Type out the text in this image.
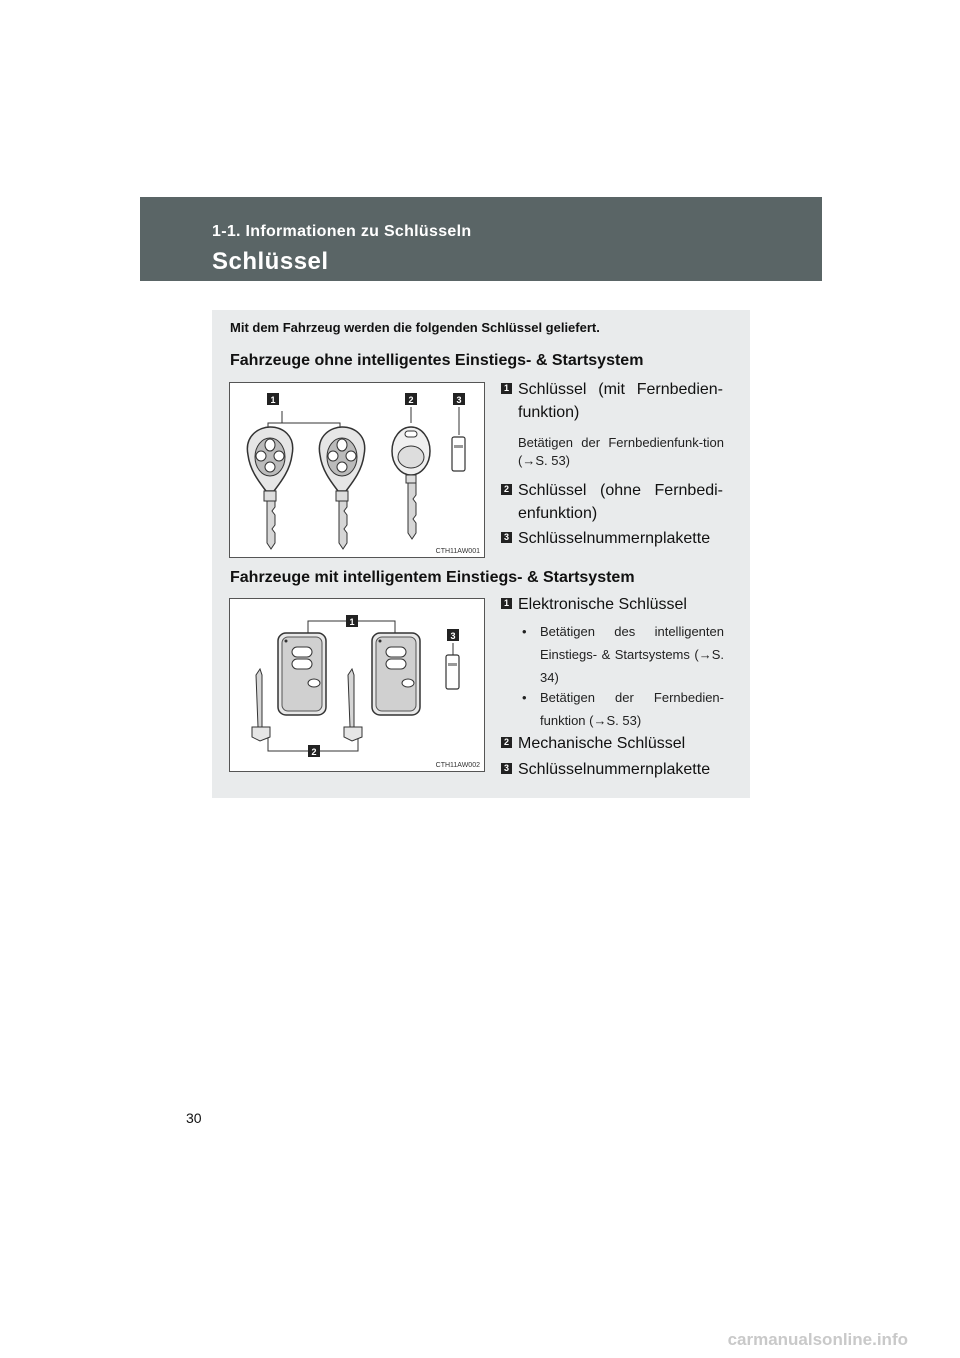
1-1. Informationen zu Schlüsseln
Schlüssel
Mit dem Fahrzeug werden die folgenden Schlüssel geliefert.
Fahrzeuge ohne intelligentes Einstiegs- & Startsystem
1	2	3
CTH11AW001
1 Schlüssel (mit Fernbedien-funktion)
Betätigen der Fernbedienfunk-tion (→S. 53)
2 Schlüssel (ohne Fernbedi-enfunktion)
3 Schlüsselnummernplakette
Fahrzeuge mit intelligentem Einstiegs- & Startsystem
1
2
3
CTH11AW002
1 Elektronische Schlüssel
• Betätigen des intelligenten Einstiegs- & Startsystems (→S. 34)
• Betätigen der Fernbedien-funktion (→S. 53)
2 Mechanische Schlüssel
3 Schlüsselnummernplakette
30
carmanualsonline.info
